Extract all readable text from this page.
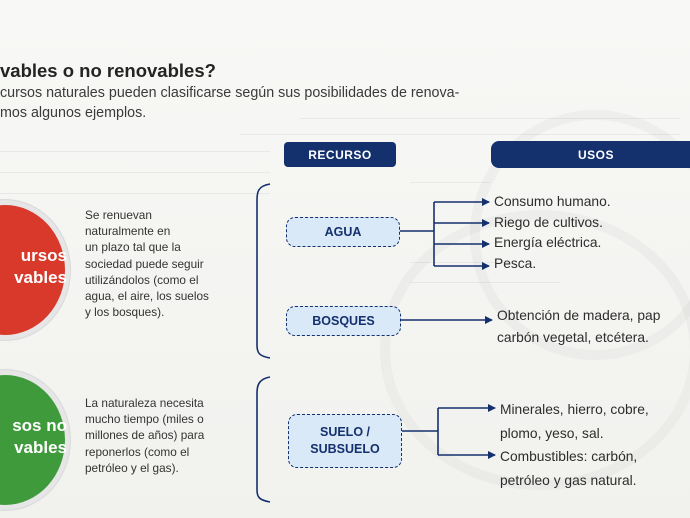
vables o no renovables?
cursos naturales pueden clasificarse según sus posibilidades de renova-
mos algunos ejemplos.
RECURSO	USOS
ursos
vables
Se renuevan
naturalmente en
un plazo tal que la
sociedad puede seguir
utilizándolos (como el
agua, el aire, los suelos
y los bosques).
sos no
vables
La naturaleza necesita
mucho tiempo (miles o
millones de años) para
reponerlos (como el
petróleo y el gas).
AGUA
BOSQUES
SUELO /
SUBSUELO
Consumo humano.
Riego de cultivos.
Energía eléctrica.
Pesca.
Obtención de madera, pap
carbón vegetal, etcétera.
Minerales, hierro, cobre,
plomo, yeso, sal.
Combustibles: carbón,
petróleo y gas natural.
